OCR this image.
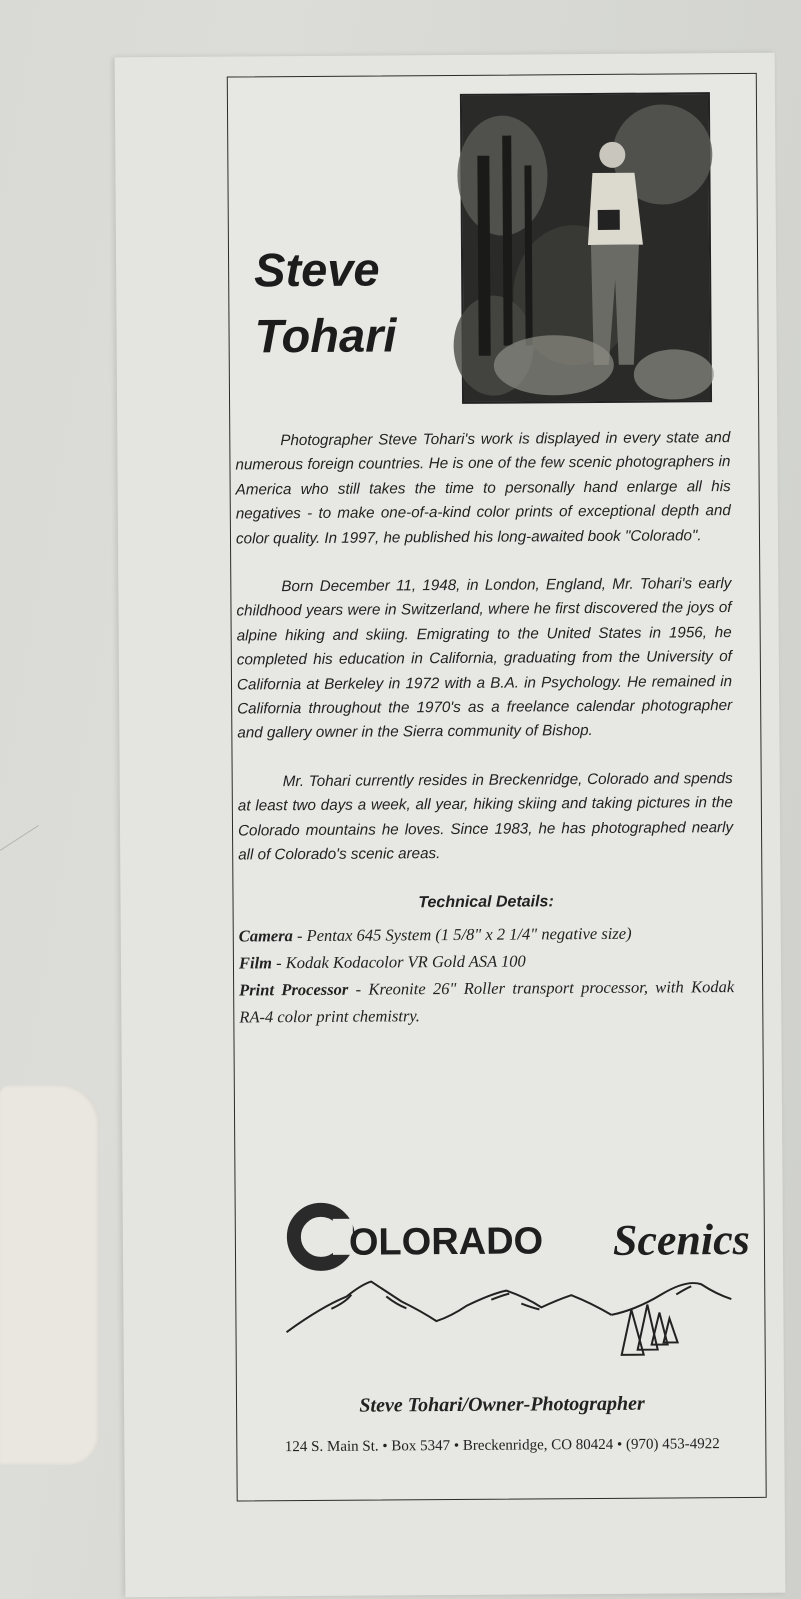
Steve
Tohari

Photographer Steve Tohari's work is displayed in every state and numerous foreign countries. He is one of the few scenic photographers in America who still takes the time to personally hand enlarge all his negatives - to make one-of-a-kind color prints of exceptional depth and color quality. In 1997, he published his long-awaited book "Colorado".

Born December 11, 1948, in London, England, Mr. Tohari's early childhood years were in Switzerland, where he first discovered the joys of alpine hiking and skiing. Emigrating to the United States in 1956, he completed his education in California, graduating from the University of California at Berkeley in 1972 with a B.A. in Psychology. He remained in California throughout the 1970's as a freelance calendar photographer and gallery owner in the Sierra community of Bishop.

Mr. Tohari currently resides in Breckenridge, Colorado and spends at least two days a week, all year, hiking skiing and taking pictures in the Colorado mountains he loves. Since 1983, he has photographed nearly all of Colorado's scenic areas.

Technical Details:
Camera - Pentax 645 System (1 5/8" x 2 1/4" negative size)
Film - Kodak Kodacolor VR Gold ASA 100
Print Processor - Kreonite 26" Roller transport processor, with Kodak RA-4 color print chemistry.
OLORADO Scenics
Steve Tohari/Owner-Photographer
124 S. Main St. • Box 5347 • Breckenridge, CO 80424 • (970) 453-4922
